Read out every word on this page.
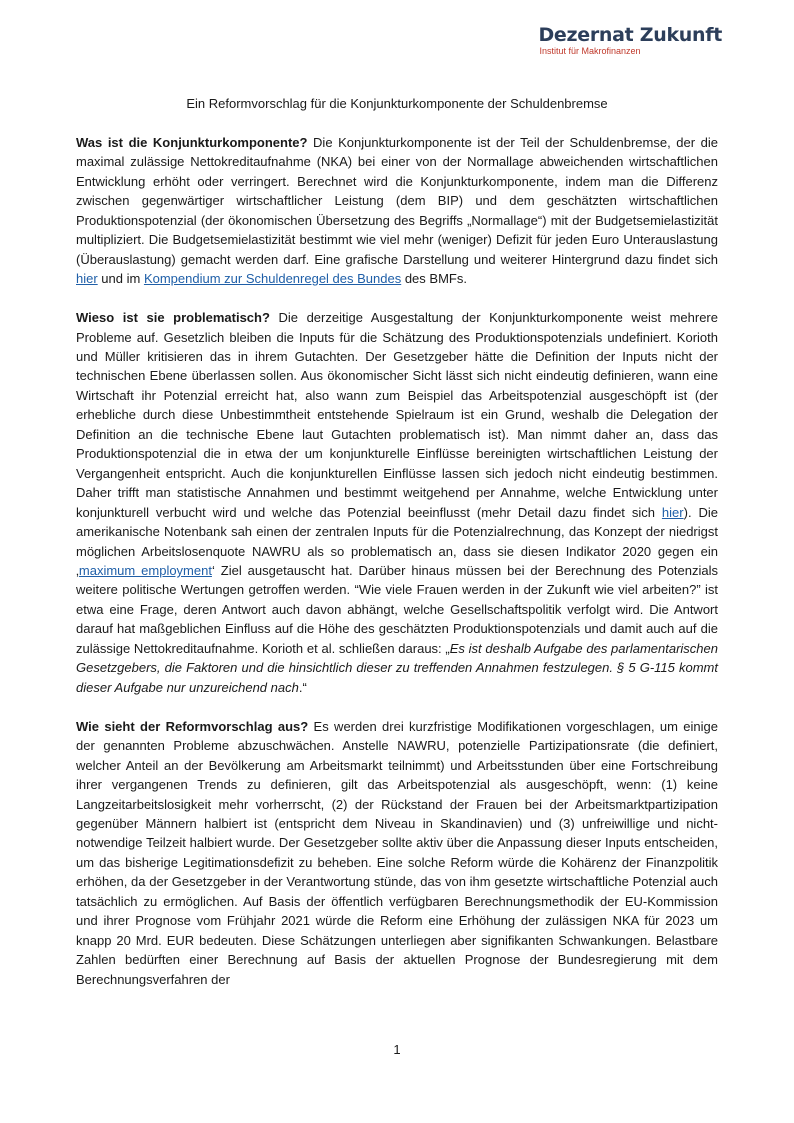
Dezernat Zukunft
Institut für Makrofinanzen
Ein Reformvorschlag für die Konjunkturkomponente der Schuldenbremse

Was ist die Konjunkturkomponente? Die Konjunkturkomponente ist der Teil der Schuldenbremse, der die maximal zulässige Nettokreditaufnahme (NKA) bei einer von der Normallage abweichenden wirtschaftlichen Entwicklung erhöht oder verringert. Berechnet wird die Konjunkturkomponente, indem man die Differenz zwischen gegenwärtiger wirtschaftlicher Leistung (dem BIP) und dem geschätzten wirtschaftlichen Produktionspotenzial (der ökonomischen Übersetzung des Begriffs „Normallage“) mit der Budgetsemielastizität multipliziert. Die Budgetsemielastizität bestimmt wie viel mehr (weniger) Defizit für jeden Euro Unterauslastung (Überauslastung) gemacht werden darf. Eine grafische Darstellung und weiterer Hintergrund dazu findet sich hier und im Kompendium zur Schuldenregel des Bundes des BMFs.

Wieso ist sie problematisch? Die derzeitige Ausgestaltung der Konjunkturkomponente weist mehrere Probleme auf. Gesetzlich bleiben die Inputs für die Schätzung des Produktionspotenzials undefiniert. Korioth und Müller kritisieren das in ihrem Gutachten. Der Gesetzgeber hätte die Definition der Inputs nicht der technischen Ebene überlassen sollen. Aus ökonomischer Sicht lässt sich nicht eindeutig definieren, wann eine Wirtschaft ihr Potenzial erreicht hat, also wann zum Beispiel das Arbeitspotenzial ausgeschöpft ist (der erhebliche durch diese Unbestimmtheit entstehende Spielraum ist ein Grund, weshalb die Delegation der Definition an die technische Ebene laut Gutachten problematisch ist). Man nimmt daher an, dass das Produktionspotenzial die in etwa der um konjunkturelle Einflüsse bereinigten wirtschaftlichen Leistung der Vergangenheit entspricht. Auch die konjunkturellen Einflüsse lassen sich jedoch nicht eindeutig bestimmen. Daher trifft man statistische Annahmen und bestimmt weitgehend per Annahme, welche Entwicklung unter konjunkturell verbucht wird und welche das Potenzial beeinflusst (mehr Detail dazu findet sich hier). Die amerikanische Notenbank sah einen der zentralen Inputs für die Potenzialrechnung, das Konzept der niedrigst möglichen Arbeitslosenquote NAWRU als so problematisch an, dass sie diesen Indikator 2020 gegen ein ‚maximum employment‘ Ziel ausgetauscht hat. Darüber hinaus müssen bei der Berechnung des Potenzials weitere politische Wertungen getroffen werden. “Wie viele Frauen werden in der Zukunft wie viel arbeiten?” ist etwa eine Frage, deren Antwort auch davon abhängt, welche Gesellschaftspolitik verfolgt wird. Die Antwort darauf hat maßgeblichen Einfluss auf die Höhe des geschätzten Produktionspotenzials und damit auch auf die zulässige Nettokreditaufnahme. Korioth et al. schließen daraus: „Es ist deshalb Aufgabe des parlamentarischen Gesetzgebers, die Faktoren und die hinsichtlich dieser zu treffenden Annahmen festzulegen. § 5 G-115 kommt dieser Aufgabe nur unzureichend nach.“

Wie sieht der Reformvorschlag aus? Es werden drei kurzfristige Modifikationen vorgeschlagen, um einige der genannten Probleme abzuschwächen. Anstelle NAWRU, potenzielle Partizipationsrate (die definiert, welcher Anteil an der Bevölkerung am Arbeitsmarkt teilnimmt) und Arbeitsstunden über eine Fortschreibung ihrer vergangenen Trends zu definieren, gilt das Arbeitspotenzial als ausgeschöpft, wenn: (1) keine Langzeitarbeitslosigkeit mehr vorherrscht, (2) der Rückstand der Frauen bei der Arbeitsmarktpartizipation gegenüber Männern halbiert ist (entspricht dem Niveau in Skandinavien) und (3) unfreiwillige und nicht-notwendige Teilzeit halbiert wurde. Der Gesetzgeber sollte aktiv über die Anpassung dieser Inputs entscheiden, um das bisherige Legitimationsdefizit zu beheben. Eine solche Reform würde die Kohärenz der Finanzpolitik erhöhen, da der Gesetzgeber in der Verantwortung stünde, das von ihm gesetzte wirtschaftliche Potenzial auch tatsächlich zu ermöglichen. Auf Basis der öffentlich verfügbaren Berechnungsmethodik der EU-Kommission und ihrer Prognose vom Frühjahr 2021 würde die Reform eine Erhöhung der zulässigen NKA für 2023 um knapp 20 Mrd. EUR bedeuten. Diese Schätzungen unterliegen aber signifikanten Schwankungen. Belastbare Zahlen bedürften einer Berechnung auf Basis der aktuellen Prognose der Bundesregierung mit dem Berechnungsverfahren der

1
